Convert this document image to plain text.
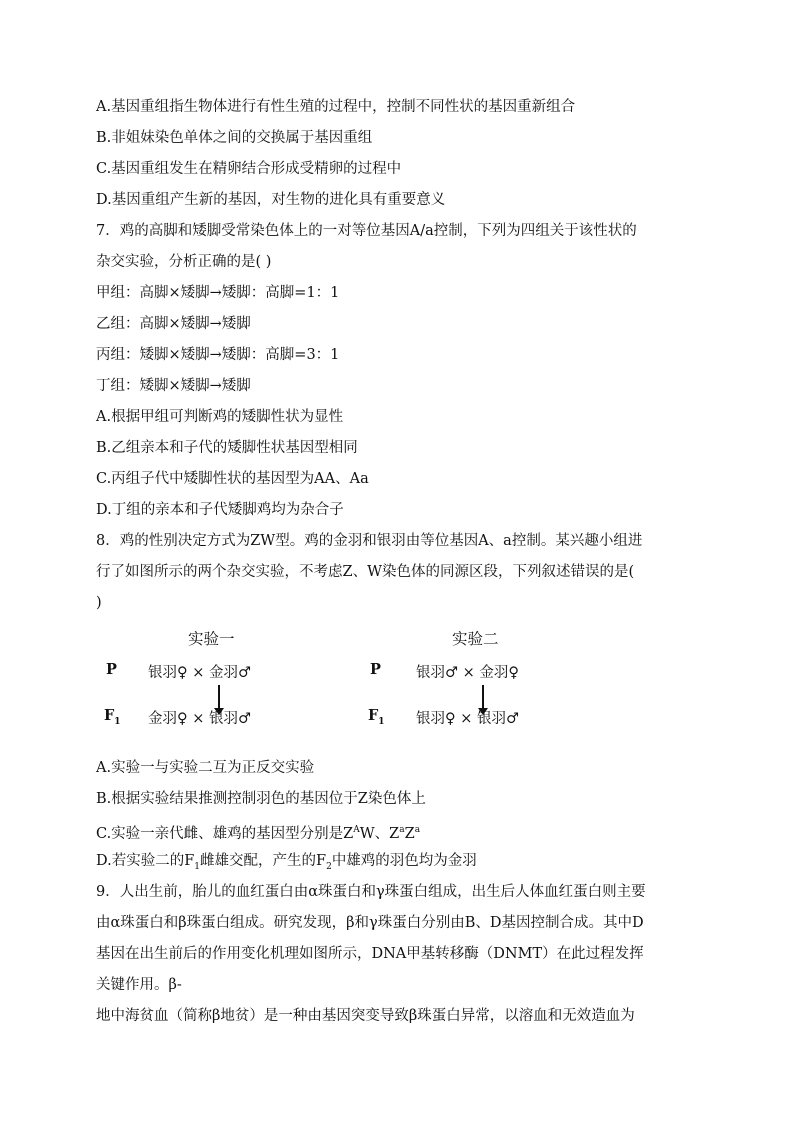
A.基因重组指生物体进行有性生殖的过程中，控制不同性状的基因重新组合
B.非姐妹染色单体之间的交换属于基因重组
C.基因重组发生在精卵结合形成受精卵的过程中
D.基因重组产生新的基因，对生物的进化具有重要意义
7．鸡的高脚和矮脚受常染色体上的一对等位基因A/a控制，下列为四组关于该性状的
杂交实验，分析正确的是( )
甲组：高脚×矮脚→矮脚：高脚=1：1
乙组：高脚×矮脚→矮脚
丙组：矮脚×矮脚→矮脚：高脚=3：1
丁组：矮脚×矮脚→矮脚
A.根据甲组可判断鸡的矮脚性状为显性
B.乙组亲本和子代的矮脚性状基因型相同
C.丙组子代中矮脚性状的基因型为AA、Aa
D.丁组的亲本和子代矮脚鸡均为杂合子
8．鸡的性别决定方式为ZW型。鸡的金羽和银羽由等位基因A、a控制。某兴趣小组进
行了如图所示的两个杂交实验，不考虑Z、W染色体的同源区段，下列叙述错误的是(
)
实验一	实验二
P 银羽♀ × 金羽♂
$F_1$ 金羽♀ × 银羽♂
P 银羽♂ × 金羽♀
$F_1$ 银羽♀ × 银羽♂
A.实验一与实验二互为正反交实验
B.根据实验结果推测控制羽色的基因位于Z染色体上
C.实验一亲代雌、雄鸡的基因型分别是$Z^AW$、$Z^aZ^a$
D.若实验二的$F_1$雌雄交配，产生的$F_2$中雄鸡的羽色均为金羽
9．人出生前，胎儿的血红蛋白由α珠蛋白和γ珠蛋白组成，出生后人体血红蛋白则主要
由α珠蛋白和β珠蛋白组成。研究发现，β和γ珠蛋白分别由B、D基因控制合成。其中D
基因在出生前后的作用变化机理如图所示，DNA甲基转移酶（DNMT）在此过程发挥
关键作用。β-
地中海贫血（简称β地贫）是一种由基因突变导致β珠蛋白异常，以溶血和无效造血为
